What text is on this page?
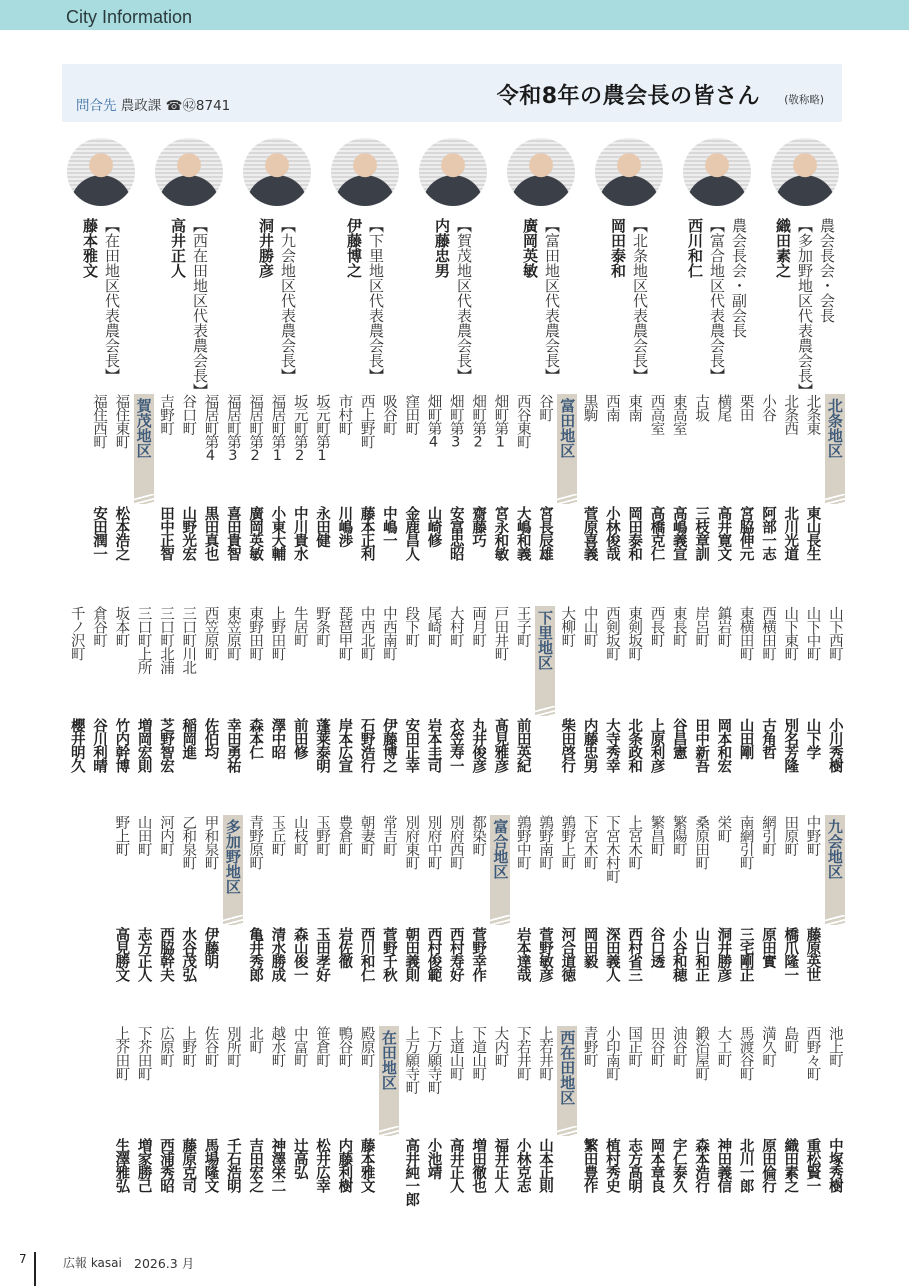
City Information
問合先 農政課 ☎㊷8741	令和8年の農会長の皆さん (敬称略)
農会長会・会長
【多加野地区代表農会長】
織田素之
農会長会・副会長
【富合地区代表農会長】
西川和仁
【北条地区代表農会長】
岡田泰和
【富田地区代表農会長】
廣岡英敏
【賀茂地区代表農会長】
内藤忠男
【下里地区代表農会長】
伊藤博之
【九会地区代表農会長】
洞井勝彦
【西在田地区代表農会長】
高井正人
【在田地区代表農会長】
藤本雅文
北条地区
北条東
東山長生
北条西
北川光道
小谷
阿部一志
栗田
宮脇伸元
横尾
高井寛文
古坂
三枝章訓
東高室
高嶋義宣
西高室
高橋克仁
東南
岡田泰和
西南
小林俊哉
黒駒
菅原喜義
富田地区
谷町
宮長辰雄
西谷東町
大嶋和義
畑町第1
宮永和敏
畑町第2
齋藤巧
畑町第3
安富忠昭
畑町第4
山崎修
窪田町
金鹿昌人
吸谷町
中嶋一
西上野町
藤本正利
市村町
川嶋渉
坂元町第1
永田健
坂元町第2
中川貴水
福居町第1
小東大輔
福居町第2
廣岡英敏
福居町第3
喜田貴智
福居町第4
黒田真也
谷口町
山野光宏
吉野町
田中正智
賀茂地区
福住東町
松本浩之
福住西町
安田潤一
山下西町
小川秀樹
山下中町
山下学
山下東町
別名芳隆
西横田町
古角哲
東横田町
山田剛
鎮岩町
岡本和宏
岸呂町
田中新吾
東長町
谷昌憲
西長町
上原利彦
東剣坂町
北条政和
西剣坂町
大寺秀幸
中山町
内藤忠男
大柳町
柴田啓行
下里地区
王子町
前田英紀
戸田井町
髙見雅彦
両月町
丸井俊彦
大村町
衣笠寿一
尾崎町
岩本圭司
段下町
安田正幸
中西南町
伊藤博之
中西北町
石野浩行
琵琶甲町
岸本広宣
野条町
蓬莱泰明
牛居町
前田修
上野田町
澤中昭
東野田町
森本仁
東笠原町
幸田勇祐
西笠原町
佐伯均
三口町川北
稲岡進
三口町北浦
芝野智宏
三口町上所
増岡宏則
坂本町
竹内幹博
倉谷町
谷川利晴
千ノ沢町
櫻井明久
九会地区
中野町
藤原英世
田原町
橋爪隆一
網引町
原田實
南網引町
三宅剛正
栄町
洞井勝彦
桑原田町
山口和正
繁陽町
小谷和穂
繁昌町
谷口透
上宮木町
西村省三
下宮木村町
深田義人
下宮木町
岡田毅
鶉野上町
河合道徳
鶉野南町
菅野敏彦
鶉野中町
岩本達哉
富合地区
都染町
菅野幸作
別府西町
西村寿好
別府中町
西村俊範
別府東町
朝田義則
常吉町
菅野千秋
朝妻町
西川和仁
豊倉町
岩佐徹
玉野町
玉田孝好
山枝町
森山俊一
玉丘町
清水勝成
青野原町
亀井秀郎
多加野地区
甲和泉町
伊藤明
乙和泉町
水谷茂弘
河内町
西脇幹夫
山田町
志方正人
野上町
高見勝文
池上町
中塚秀樹
西野々町
重松賢一
島町
織田素之
満久町
原田倫行
馬渡谷町
北川一郎
大工町
神田義信
鍛治屋町
森本浩行
油谷町
宇仁泰久
田谷町
岡本章良
国正町
志方高明
小印南町
植村秀史
青野町
繁田豊作
西在田地区
上若井町
山本正則
下若井町
小林克志
大内町
福井正人
下道山町
増田徹也
上道山町
高井正人
下万願寺町
小池靖
上万願寺町
高井純一郎
在田地区
殿原町
藤本雅文
鴨谷町
内藤利樹
笹倉町
松井広幸
中富町
辻高弘
越水町
神澤栄二
北町
吉田宏之
別所町
千石浩明
佐谷町
馬場隆文
上野町
藤原克司
広原町
西浦秀昭
下芥田町
増家勝己
上芥田町
生澤雅弘
7	広報 kasai 2026.3 月
